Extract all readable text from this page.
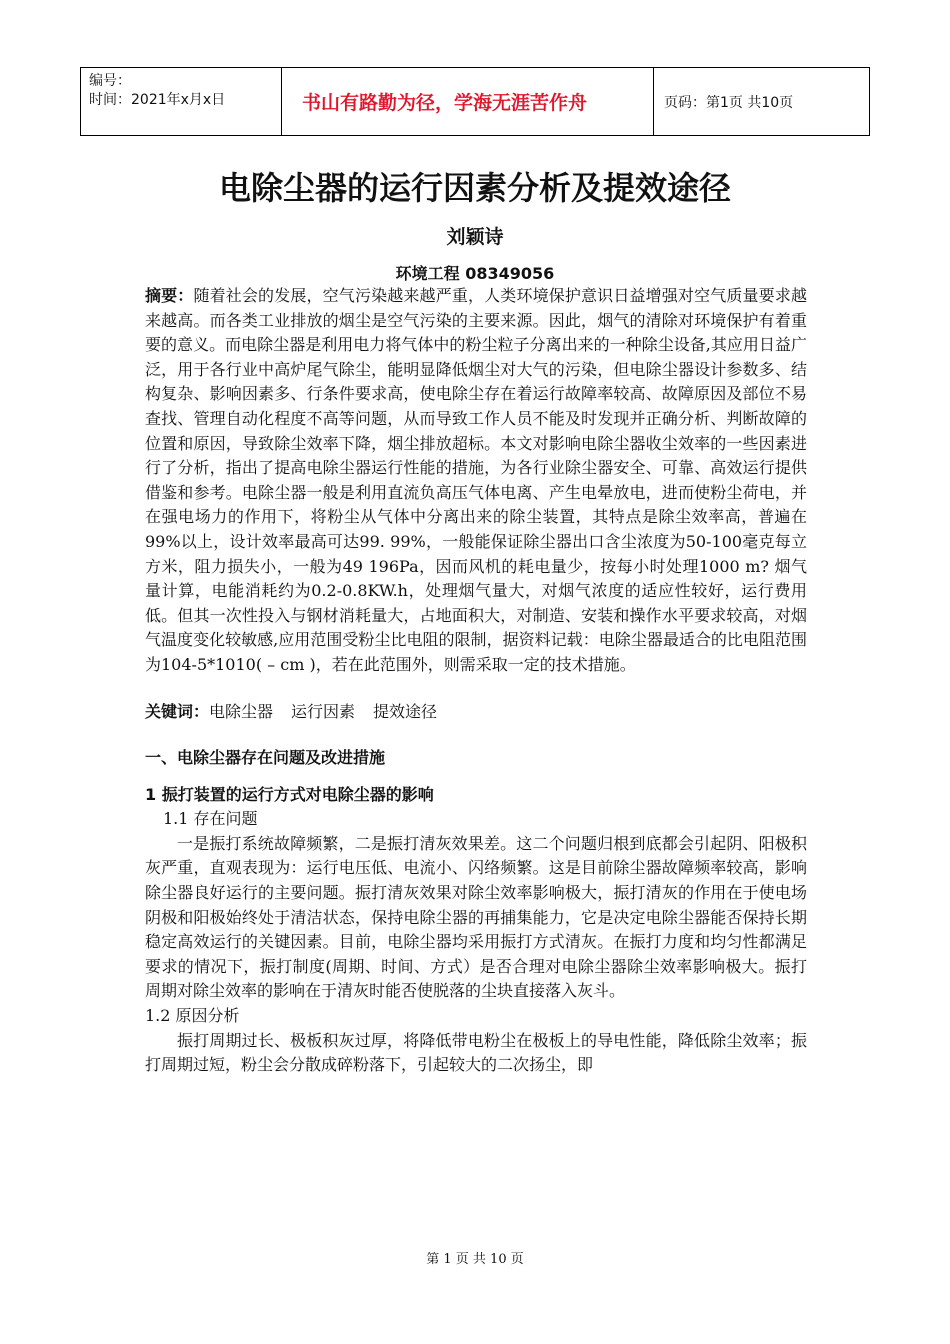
编号：
时间：2021年x月x日	书山有路勤为径，学海无涯苦作舟	页码：第1页 共10页
电除尘器的运行因素分析及提效途径
刘颖诗
环境工程 08349056

摘要：随着社会的发展，空气污染越来越严重，人类环境保护意识日益增强对空气质量要求越来越高。而各类工业排放的烟尘是空气污染的主要来源。因此，烟气的清除对环境保护有着重要的意义。而电除尘器是利用电力将气体中的粉尘粒子分离出来的一种除尘设备,其应用日益广泛，用于各行业中高炉尾气除尘，能明显降低烟尘对大气的污染，但电除尘器设计参数多、结构复杂、影响因素多、行条件要求高，使电除尘存在着运行故障率较高、故障原因及部位不易查找、管理自动化程度不高等问题，从而导致工作人员不能及时发现并正确分析、判断故障的位置和原因，导致除尘效率下降，烟尘排放超标。本文对影响电除尘器收尘效率的一些因素进行了分析，指出了提高电除尘器运行性能的措施，为各行业除尘器安全、可靠、高效运行提供借鉴和参考。电除尘器一般是利用直流负高压气体电离、产生电晕放电，进而使粉尘荷电，并在强电场力的作用下，将粉尘从气体中分离出来的除尘装置，其特点是除尘效率高，普遍在99%以上，设计效率最高可达99. 99%，一般能保证除尘器出口含尘浓度为50-100毫克每立方米，阻力损失小，一般为49 196Pa，因而风机的耗电量少，按每小时处理1000 m? 烟气量计算，电能消耗约为0.2-0.8KW.h，处理烟气量大，对烟气浓度的适应性较好，运行费用低。但其一次性投入与钢材消耗量大，占地面积大，对制造、安装和操作水平要求较高，对烟气温度变化较敏感,应用范围受粉尘比电阻的限制，据资料记载：电除尘器最适合的比电阻范围为104-5*1010( – cm )，若在此范围外，则需采取一定的技术措施。

关键词：电除尘器 运行因素 提效途径

一、电除尘器存在问题及改进措施

1 振打装置的运行方式对电除尘器的影响

1.1 存在问题

一是振打系统故障频繁，二是振打清灰效果差。这二个问题归根到底都会引起阴、阳极积灰严重，直观表现为：运行电压低、电流小、闪络频繁。这是目前除尘器故障频率较高，影响除尘器良好运行的主要问题。振打清灰效果对除尘效率影响极大，振打清灰的作用在于使电场阴极和阳极始终处于清洁状态，保持电除尘器的再捕集能力，它是决定电除尘器能否保持长期稳定高效运行的关键因素。目前，电除尘器均采用振打方式清灰。在振打力度和均匀性都满足要求的情况下，振打制度(周期、时间、方式）是否合理对电除尘器除尘效率影响极大。振打周期对除尘效率的影响在于清灰时能否使脱落的尘块直接落入灰斗。

1.2 原因分析

振打周期过长、极板积灰过厚，将降低带电粉尘在极板上的导电性能，降低除尘效率；振打周期过短，粉尘会分散成碎粉落下，引起较大的二次扬尘，即

第 1 页 共 10 页
